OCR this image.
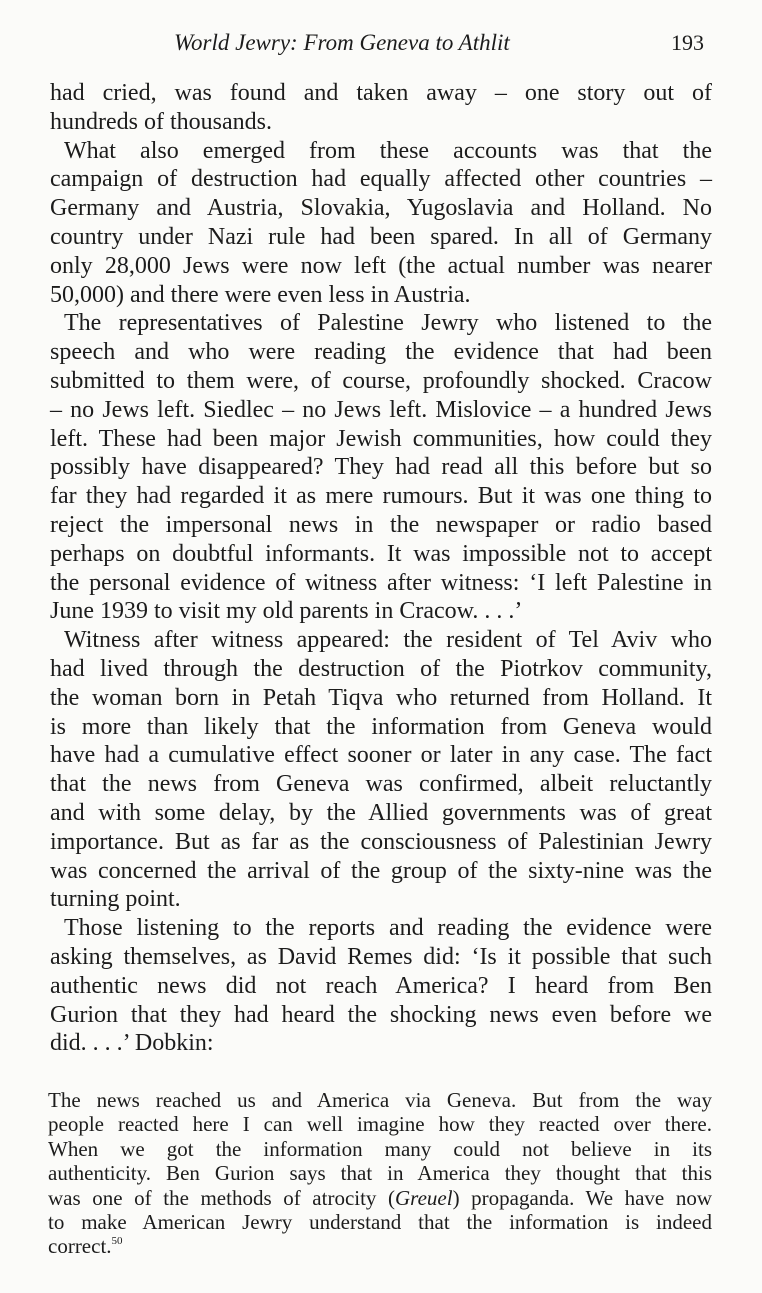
World Jewry: From Geneva to Athlit	193
had cried, was found and taken away – one story out of
hundreds of thousands.
What also emerged from these accounts was that the
campaign of destruction had equally affected other countries –
Germany and Austria, Slovakia, Yugoslavia and Holland. No
country under Nazi rule had been spared. In all of Germany
only 28,000 Jews were now left (the actual number was nearer
50,000) and there were even less in Austria.
The representatives of Palestine Jewry who listened to the
speech and who were reading the evidence that had been
submitted to them were, of course, profoundly shocked. Cracow
– no Jews left. Siedlec – no Jews left. Mislovice – a hundred Jews
left. These had been major Jewish communities, how could they
possibly have disappeared? They had read all this before but so
far they had regarded it as mere rumours. But it was one thing to
reject the impersonal news in the newspaper or radio based
perhaps on doubtful informants. It was impossible not to accept
the personal evidence of witness after witness: ‘I left Palestine in
June 1939 to visit my old parents in Cracow. . . .’
Witness after witness appeared: the resident of Tel Aviv who
had lived through the destruction of the Piotrkov community,
the woman born in Petah Tiqva who returned from Holland. It
is more than likely that the information from Geneva would
have had a cumulative effect sooner or later in any case. The fact
that the news from Geneva was confirmed, albeit reluctantly
and with some delay, by the Allied governments was of great
importance. But as far as the consciousness of Palestinian Jewry
was concerned the arrival of the group of the sixty-nine was the
turning point.
Those listening to the reports and reading the evidence were
asking themselves, as David Remes did: ‘Is it possible that such
authentic news did not reach America? I heard from Ben
Gurion that they had heard the shocking news even before we
did. . . .’ Dobkin:
The news reached us and America via Geneva. But from the way
people reacted here I can well imagine how they reacted over there.
When we got the information many could not believe in its
authenticity. Ben Gurion says that in America they thought that this
was one of the methods of atrocity (Greuel) propaganda. We have now
to make American Jewry understand that the information is indeed
correct.$^{50}$
